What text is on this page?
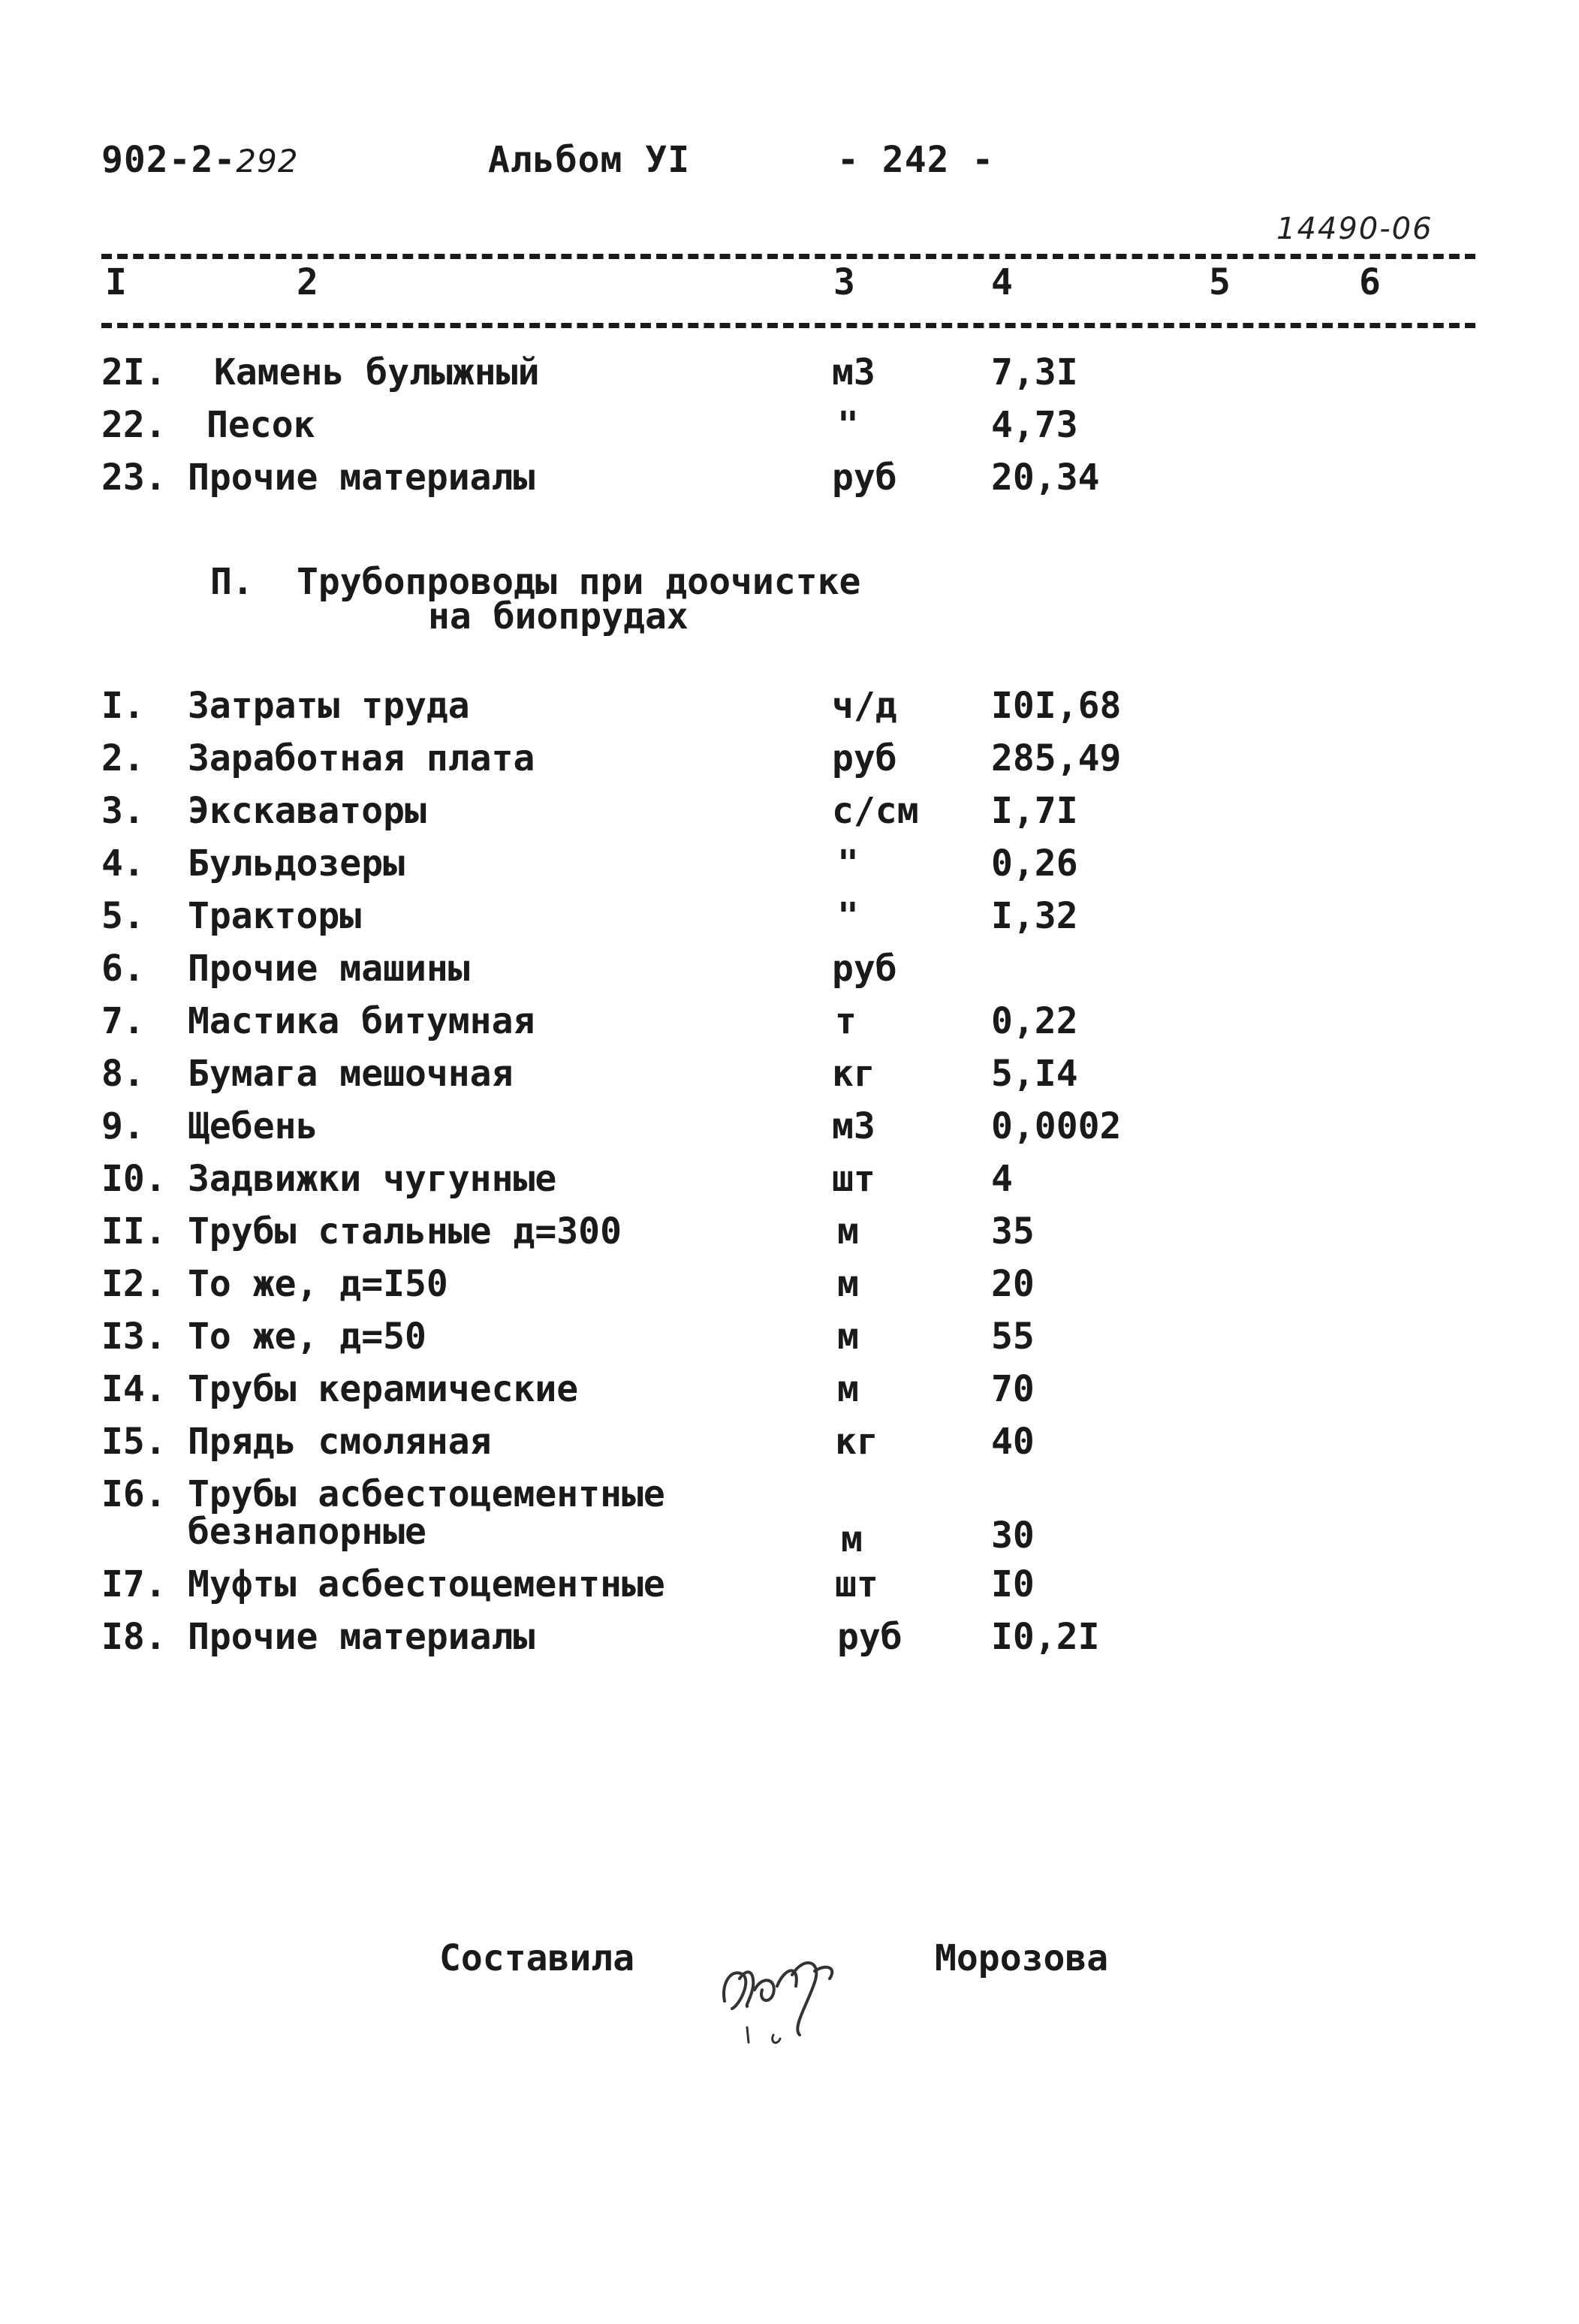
902-2-292	Альбом УI	- 242 -
14490-06
I	2	3	4	5	6
2I. Камень булыжный	м3	7,3I
22. Песок	"	4,73
23. Прочие материалы	руб	20,34
П. Трубопроводы при доочистке
на биопрудах
I. Затраты труда	ч/д	I0I,68
2. Заработная плата	руб	285,49
3. Экскаваторы	с/см I,7I
4. Бульдозеры	"	0,26
5. Тракторы	"	I,32
6. Прочие машины	руб
7. Мастика битумная	т	0,22
8. Бумага мешочная	кг	5,I4
9. Щебень	м3	0,0002
I0. Задвижки чугунные	шт	4
II. Трубы стальные д=300	м	35
I2. То же, д=I50	м	20
I3. То же, д=50	м	55
I4. Трубы керамические	м	70
I5. Прядь смоляная	кг	40
I6. Трубы асбестоцементные
безнапорные	м	30
I7. Муфты асбестоцементные	шт	I0
I8. Прочие материалы	руб I0,2I
Составила	Морозова
